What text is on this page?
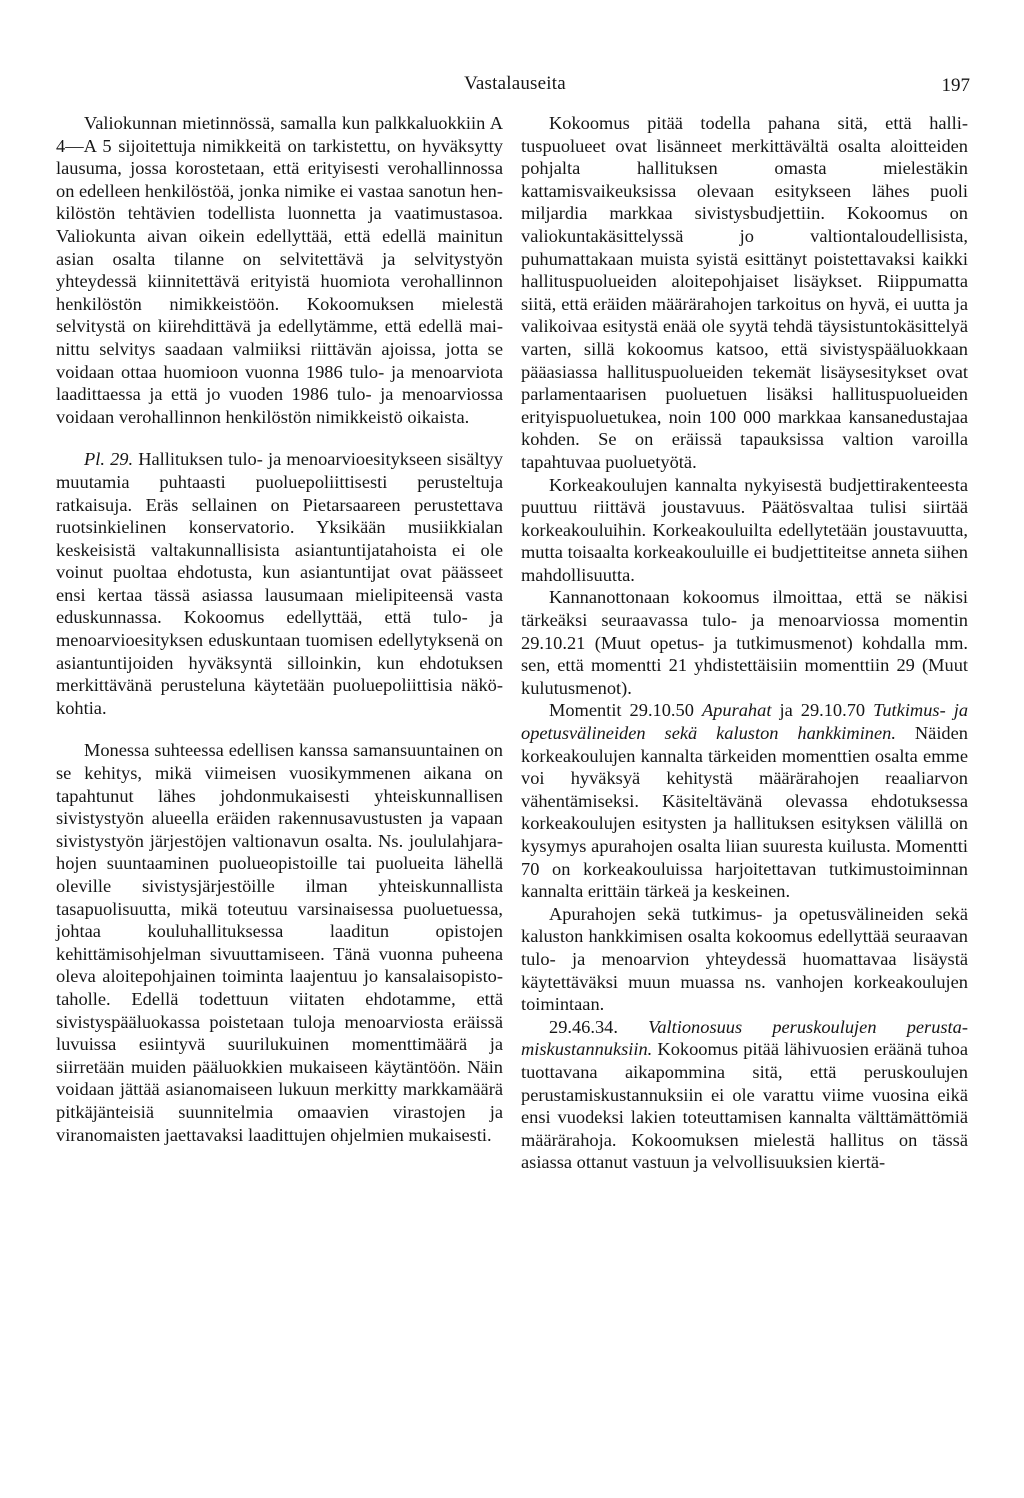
Vastalauseita	197

Valiokunnan mietinnössä, samalla kun palkkaluokkiin A 4—A 5 sijoitettuja nimikkeitä on tarkistettu, on hyväksytty lausuma, jossa korostetaan, että erityisesti verohallinnossa on edelleen henkilöstöä, jonka nimike ei vastaa sanotun henkilöstön tehtävien todellista luonnetta ja vaatimustasoa. Valiokunta aivan oikein edellyttää, että edellä mainitun asian osalta tilanne on selvitettävä ja selvitystyön yhteydessä kiinnitettävä erityistä huomiota verohallinnon henkilöstön nimikkeistöön. Kokoomuksen mielestä selvitystä on kiirehdittävä ja edellytämme, että edellä mainittu selvitys saadaan valmiiksi riittävän ajoissa, jotta se voidaan ottaa huomioon vuonna 1986 tulo- ja menoarviota laadittaessa ja että jo vuoden 1986 tulo- ja menoarviossa voidaan verohallinnon henkilöstön nimikkeistö oikaista.

Pl. 29. Hallituksen tulo- ja menoarvioesitykseen sisältyy muutamia puhtaasti puoluepoliittisesti perusteltuja ratkaisuja. Eräs sellainen on Pietarsaareen perustettava ruotsinkielinen konservatorio. Yksikään musiikkialan keskeisistä valtakunnallisista asiantuntijatahoista ei ole voinut puoltaa ehdotusta, kun asiantuntijat ovat päässeet ensi kertaa tässä asiassa lausumaan mielipiteensä vasta eduskunnassa. Kokoomus edellyttää, että tulo- ja menoarvioesityksen eduskuntaan tuomisen edellytyksenä on asiantuntijoiden hyväksyntä silloinkin, kun ehdotuksen merkittävänä perusteluna käytetään puoluepoliittisia näkökohtia.

Monessa suhteessa edellisen kanssa samansuuntainen on se kehitys, mikä viimeisen vuosikymmenen aikana on tapahtunut lähes johdonmukaisesti yhteiskunnallisen sivistystyön alueella eräiden rakennusavustusten ja vapaan sivistystyön järjestöjen valtionavun osalta. Ns. joululahjarahojen suuntaaminen puolueopistoille tai puolueita lähellä oleville sivistysjärjestöille ilman yhteiskunnallista tasapuolisuutta, mikä toteutuu varsinaisessa puoluetuessa, johtaa kouluhallituksessa laaditun opistojen kehittämisohjelman sivuuttamiseen. Tänä vuonna puheena oleva aloitepohjainen toiminta laajentuu jo kansalaisopisto-taholle. Edellä todettuun viitaten ehdotamme, että sivistyspääluokassa poistetaan tuloja menoarviosta eräissä luvuissa esiintyvä suurilukuinen momenttimäärä ja siirretään muiden pääluokkien mukaiseen käytäntöön. Näin voidaan jättää asianomaiseen lukuun merkitty markkamäärä pitkäjänteisiä suunnitelmia omaavien virastojen ja viranomaisten jaettavaksi laadittujen ohjelmien mukaisesti.

Kokoomus pitää todella pahana sitä, että hallituspuolueet ovat lisänneet merkittävältä osalta aloitteiden pohjalta hallituksen omasta mielestäkin kattamisvaikeuksissa olevaan esitykseen lähes puoli miljardia markkaa sivistysbudjettiin. Kokoomus on valiokuntakäsittelyssä jo valtiontaloudellisista, puhumattakaan muista syistä esittänyt poistettavaksi kaikki hallituspuolueiden aloitepohjaiset lisäykset. Riippumatta siitä, että eräiden määrärahojen tarkoitus on hyvä, ei uutta ja valikoivaa esitystä enää ole syytä tehdä täysistuntokäsittelyä varten, sillä kokoomus katsoo, että sivistyspääluokkaan pääasiassa hallituspuolueiden tekemät lisäysesitykset ovat parlamentaarisen puoluetuen lisäksi hallituspuolueiden erityispuoluetukea, noin 100 000 markkaa kansanedustajaa kohden. Se on eräissä tapauksissa valtion varoilla tapahtuvaa puoluetyötä.

Korkeakoulujen kannalta nykyisestä budjettirakenteesta puuttuu riittävä joustavuus. Päätösvaltaa tulisi siirtää korkeakouluihin. Korkeakouluilta edellytetään joustavuutta, mutta toisaalta korkeakouluille ei budjettiteitse anneta siihen mahdollisuutta.

Kannanottonaan kokoomus ilmoittaa, että se näkisi tärkeäksi seuraavassa tulo- ja menoarviossa momentin 29.10.21 (Muut opetus- ja tutkimusmenot) kohdalla mm. sen, että momentti 21 yhdistettäisiin momenttiin 29 (Muut kulutusmenot).

Momentit 29.10.50 Apurahat ja 29.10.70 Tutkimus- ja opetusvälineiden sekä kaluston hankkiminen. Näiden korkeakoulujen kannalta tärkeiden momenttien osalta emme voi hyväksyä kehitystä määrärahojen reaaliarvon vähentämiseksi. Käsiteltävänä olevassa ehdotuksessa korkeakoulujen esitysten ja hallituksen esityksen välillä on kysymys apurahojen osalta liian suuresta kuilusta. Momentti 70 on korkeakouluissa harjoitettavan tutkimustoiminnan kannalta erittäin tärkeä ja keskeinen.

Apurahojen sekä tutkimus- ja opetusvälineiden sekä kaluston hankkimisen osalta kokoomus edellyttää seuraavan tulo- ja menoarvion yhteydessä huomattavaa lisäystä käytettäväksi muun muassa ns. vanhojen korkeakoulujen toimintaan.

29.46.34. Valtionosuus peruskoulujen perustamiskustannuksiin. Kokoomus pitää lähivuosien eräänä tuhoa tuottavana aikapommina sitä, että peruskoulujen perustamiskustannuksiin ei ole varattu viime vuosina eikä ensi vuodeksi lakien toteuttamisen kannalta välttämättömiä määrärahoja. Kokoomuksen mielestä hallitus on tässä asiassa ottanut vastuun ja velvollisuuksien kiertä-
